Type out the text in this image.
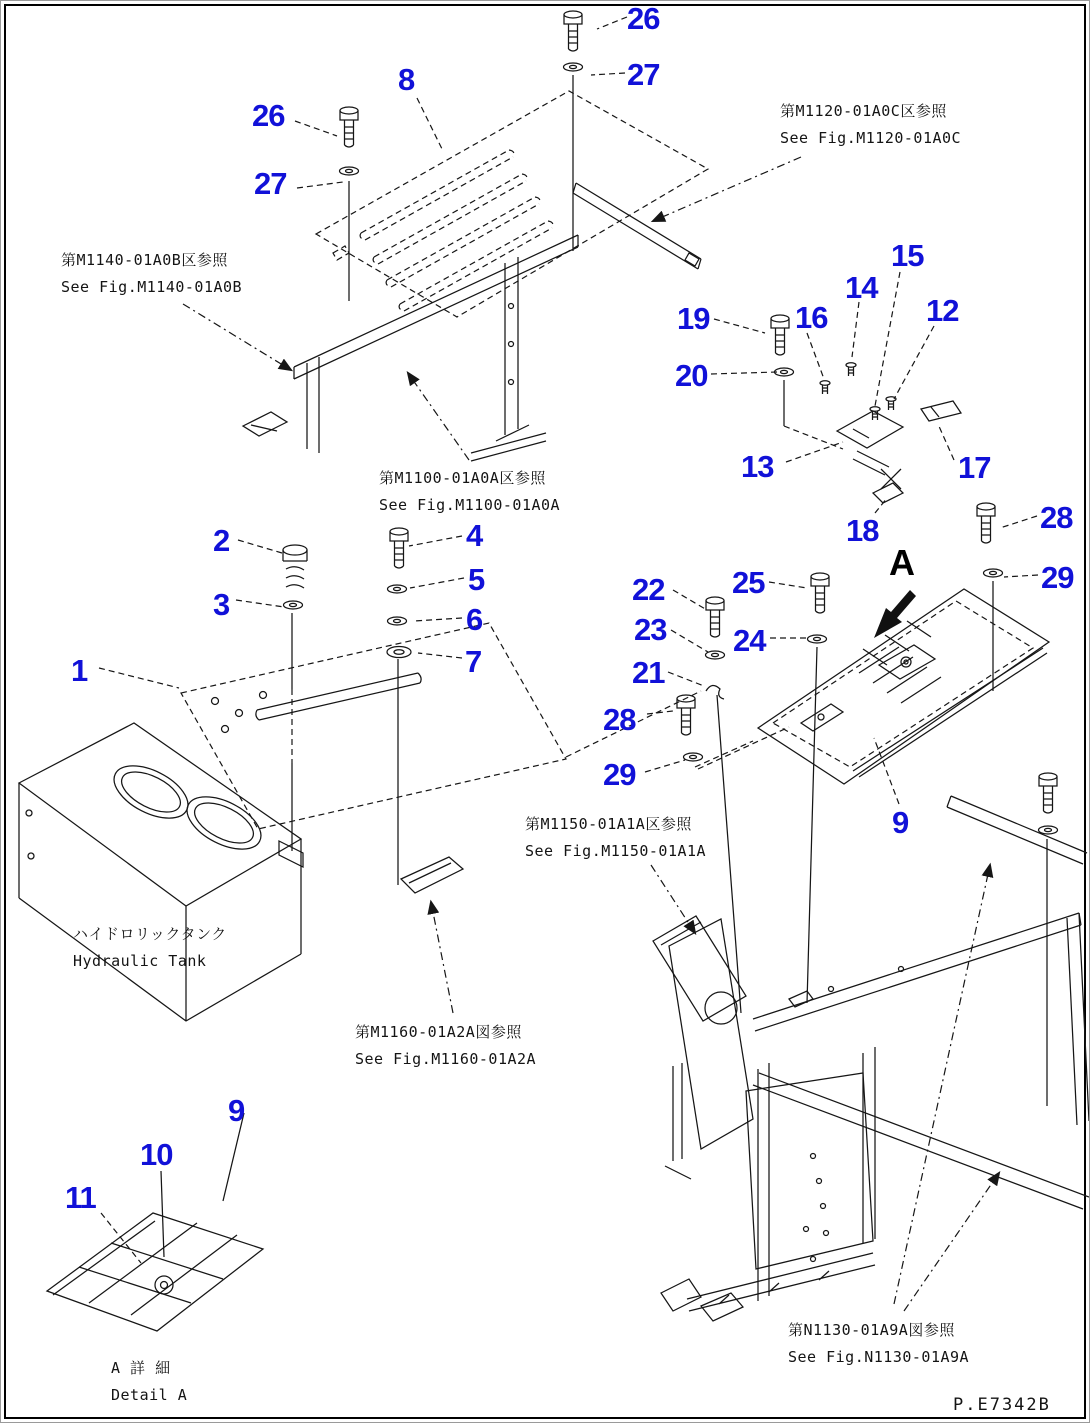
26
27
8
26
27
15
14
19	16	12
20
13	17
18
2	4
5
3	6
7
1
28
29
22 25
23 24
21
28
29
9
9
10
11
A
第M1120-01A0C区参照
See Fig.M1120-01A0C
第M1140-01A0B区参照
See Fig.M1140-01A0B
第M1100-01A0A区参照
See Fig.M1100-01A0A
第M1150-01A1A区参照
See Fig.M1150-01A1A
第M1160-01A2A図参照
See Fig.M1160-01A2A
第N1130-01A9A図参照
See Fig.N1130-01A9A
ハイドロリックタンク
Hydraulic Tank
A 詳 細
Detail A	P.E7342B
